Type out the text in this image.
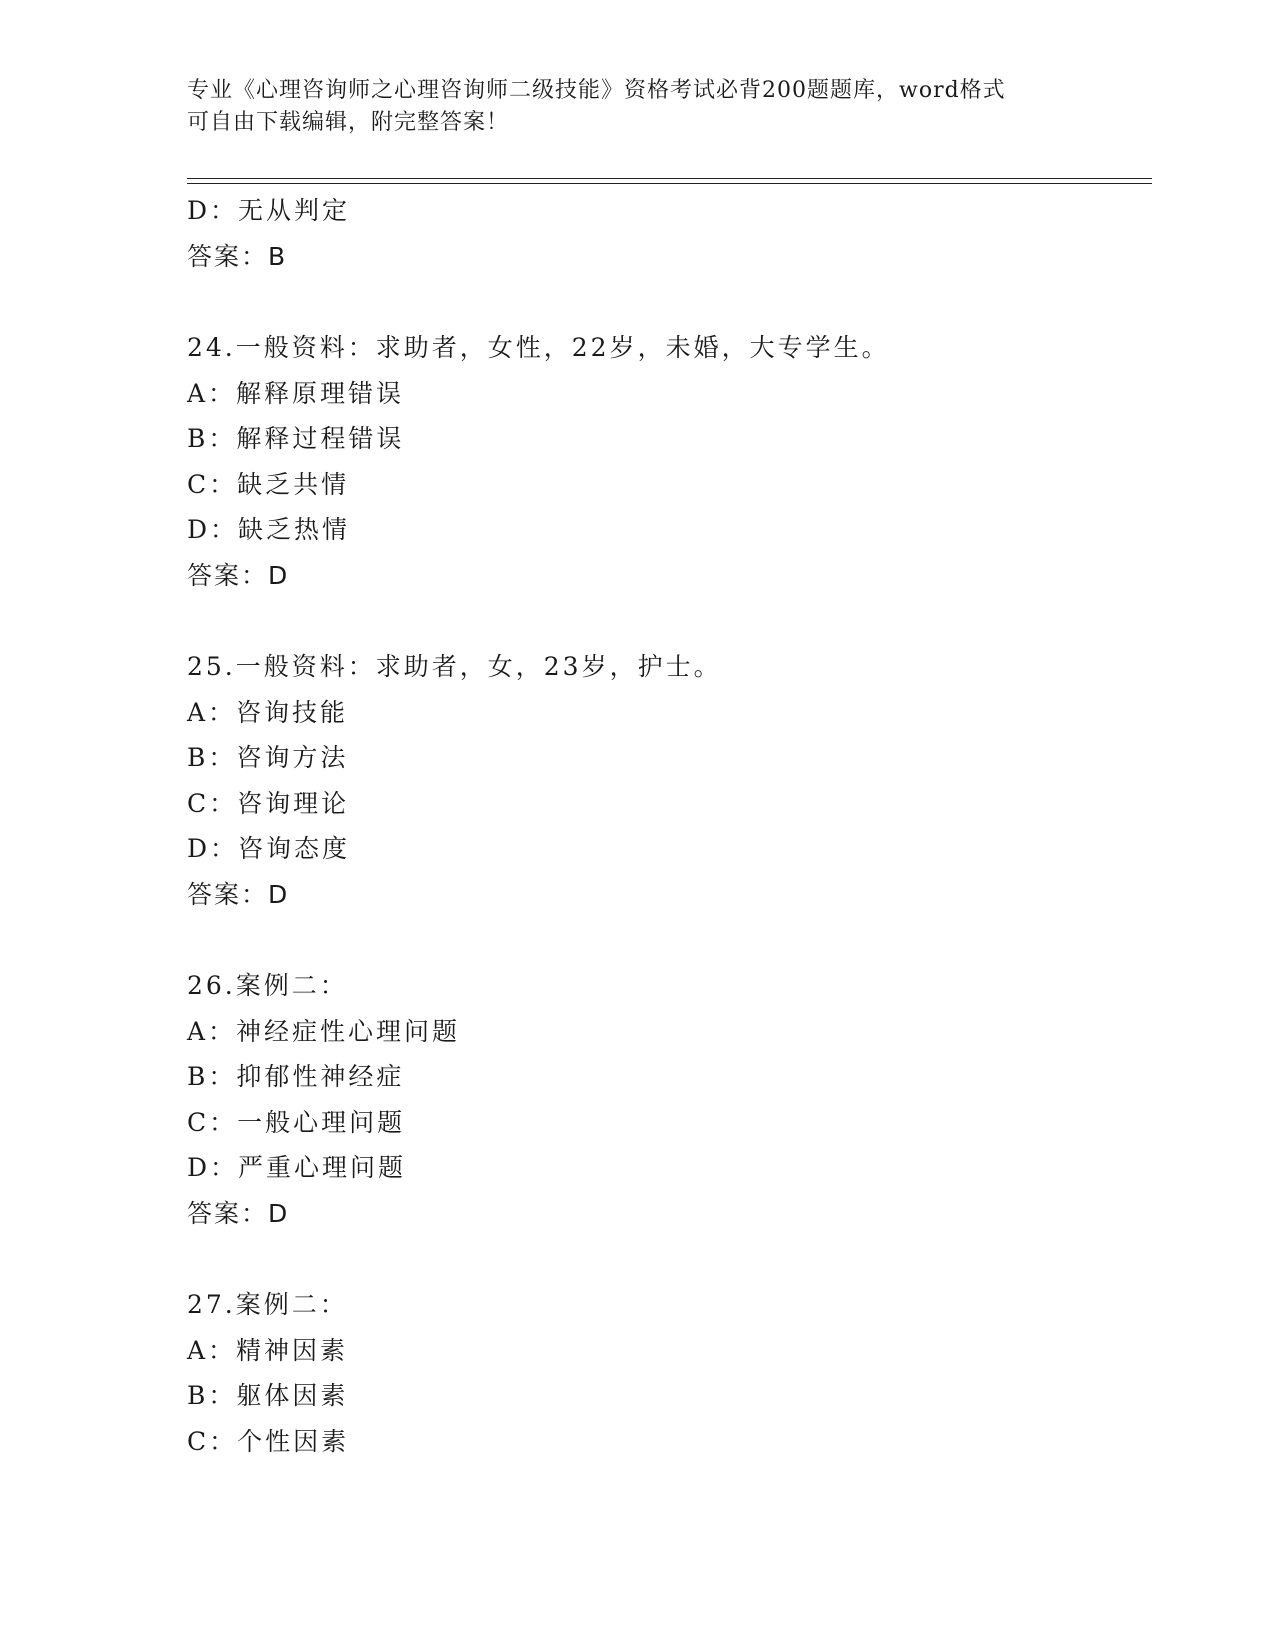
专业《心理咨询师之心理咨询师二级技能》资格考试必背200题题库，word格式
可自由下载编辑，附完整答案！
D：无从判定
答案：B
24.一般资料：求助者，女性，22岁，未婚，大专学生。
A：解释原理错误
B：解释过程错误
C：缺乏共情
D：缺乏热情
答案：D
25.一般资料：求助者，女，23岁，护士。
A：咨询技能
B：咨询方法
C：咨询理论
D：咨询态度
答案：D
26.案例二：
A：神经症性心理问题
B：抑郁性神经症
C：一般心理问题
D：严重心理问题
答案：D
27.案例二：
A：精神因素
B：躯体因素
C：个性因素
